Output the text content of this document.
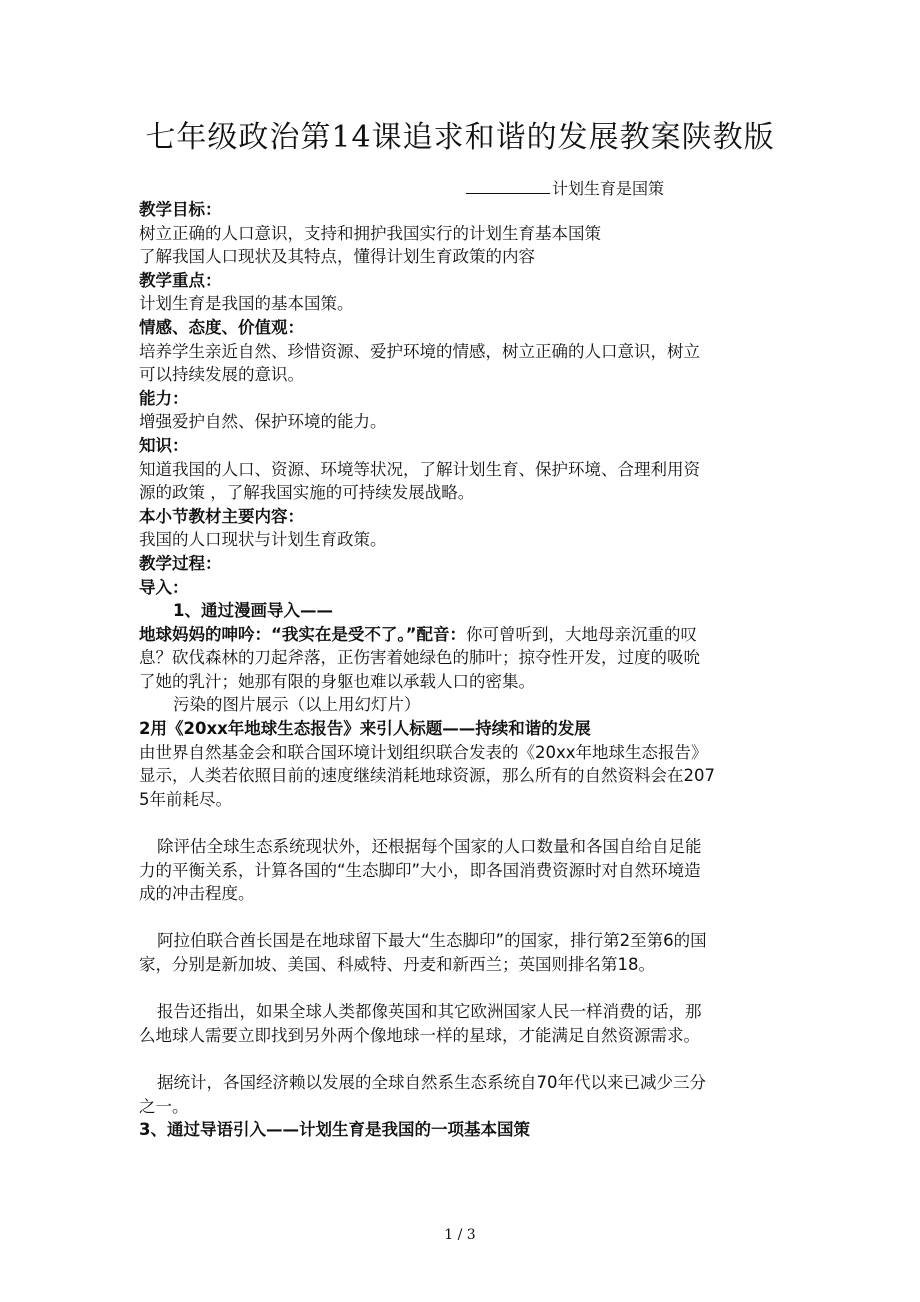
七年级政治第14课追求和谐的发展教案陕教版
计划生育是国策

教学目标：

树立正确的人口意识，支持和拥护我国实行的计划生育基本国策

了解我国人口现状及其特点，懂得计划生育政策的内容

教学重点：

计划生育是我国的基本国策。

情感、态度、价值观：

培养学生亲近自然、珍惜资源、爱护环境的情感，树立正确的人口意识，树立

可以持续发展的意识。

能力：

增强爱护自然、保护环境的能力。

知识：

知道我国的人口、资源、环境等状况，了解计划生育、保护环境、合理利用资

源的政策 ，了解我国实施的可持续发展战略。

本小节教材主要内容：

我国的人口现状与计划生育政策。

教学过程：

导入：

1、通过漫画导入——

地球妈妈的呻吟：“我实在是受不了。”配音：你可曾听到，大地母亲沉重的叹

息？砍伐森林的刀起斧落，正伤害着她绿色的肺叶；掠夺性开发，过度的吸吮

了她的乳汁；她那有限的身躯也难以承载人口的密集。

污染的图片展示（以上用幻灯片）

2用《20xx年地球生态报告》来引人标题——持续和谐的发展

由世界自然基金会和联合国环境计划组织联合发表的《20xx年地球生态报告》

显示，人类若依照目前的速度继续消耗地球资源，那么所有的自然资料会在207

5年前耗尽。

除评估全球生态系统现状外，还根据每个国家的人口数量和各国自给自足能

力的平衡关系，计算各国的“生态脚印”大小，即各国消费资源时对自然环境造

成的冲击程度。

阿拉伯联合酋长国是在地球留下最大“生态脚印”的国家，排行第2至第6的国

家，分别是新加坡、美国、科威特、丹麦和新西兰；英国则排名第18。

报告还指出，如果全球人类都像英国和其它欧洲国家人民一样消费的话，那

么地球人需要立即找到另外两个像地球一样的星球，才能满足自然资源需求。

据统计，各国经济赖以发展的全球自然系生态系统自70年代以来已减少三分

之一。

3、通过导语引入——计划生育是我国的一项基本国策

1 / 3
